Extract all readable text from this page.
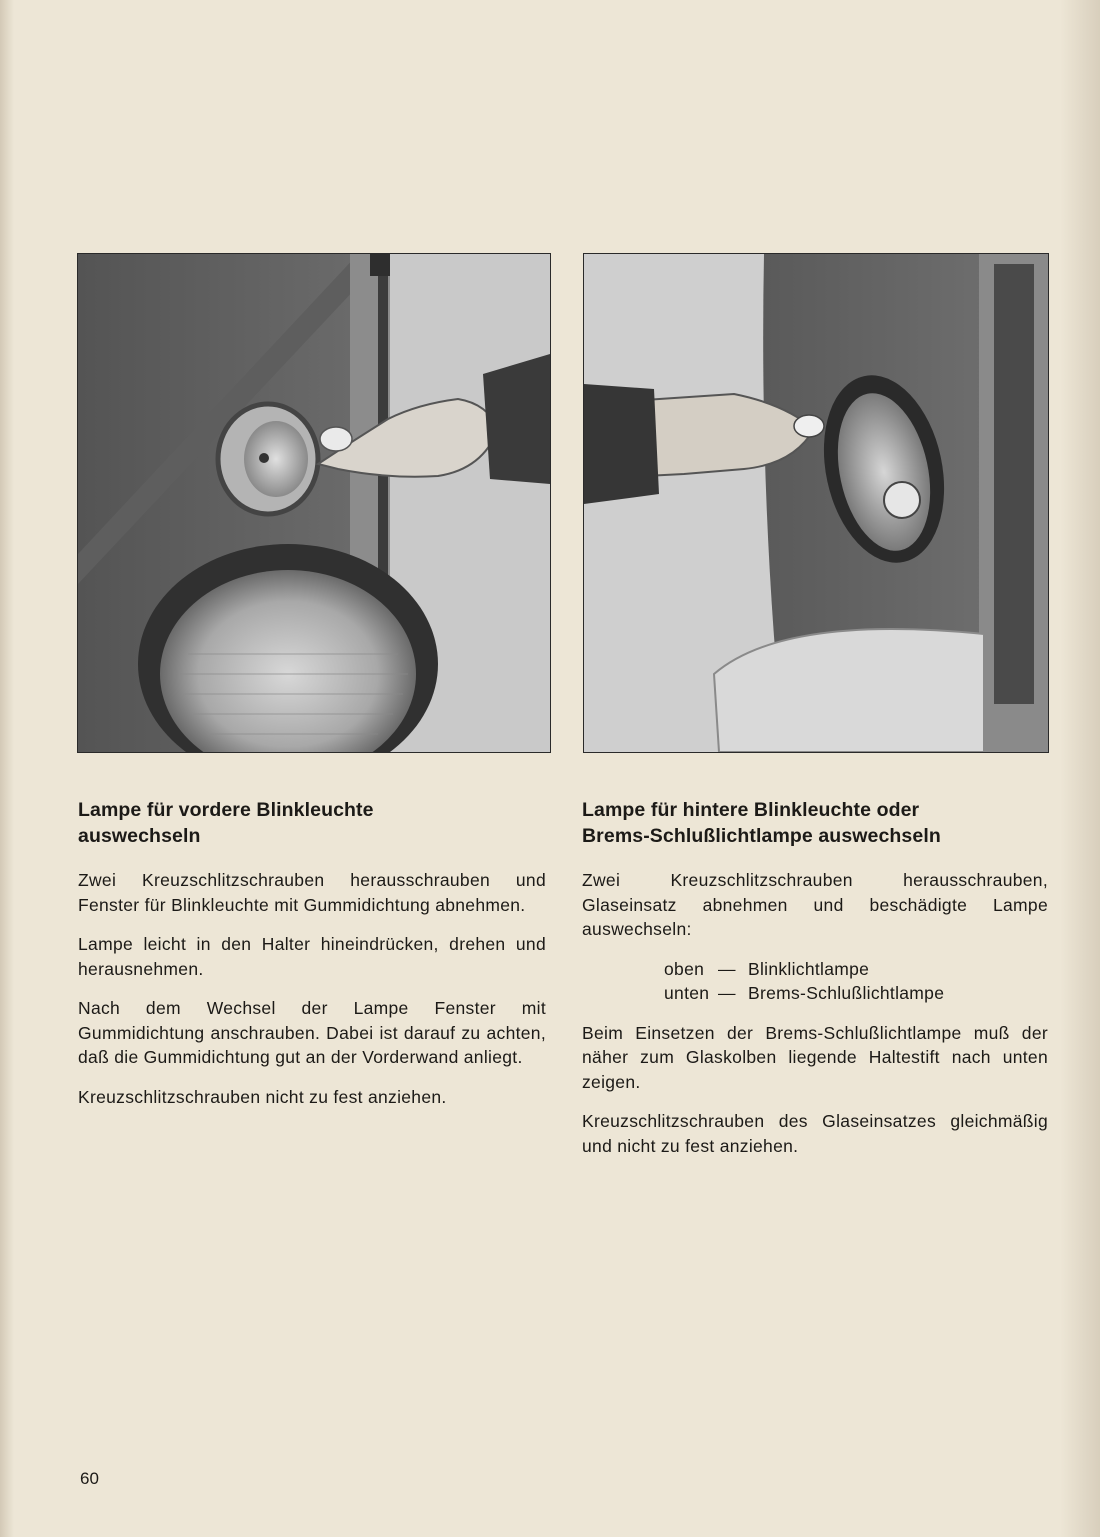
Lampe für vordere Blinkleuchte
auswechseln

Zwei Kreuzschlitzschrauben herausschrauben und Fenster für Blinkleuchte mit Gummidichtung abnehmen.

Lampe leicht in den Halter hineindrücken, drehen und herausnehmen.

Nach dem Wechsel der Lampe Fenster mit Gummidichtung anschrauben. Dabei ist darauf zu achten, daß die Gummidichtung gut an der Vorderwand anliegt.

Kreuzschlitzschrauben nicht zu fest anziehen.

Lampe für hintere Blinkleuchte oder
Brems-Schlußlichtlampe auswechseln

Zwei Kreuzschlitzschrauben herausschrauben, Glaseinsatz abnehmen und beschädigte Lampe auswechseln:

oben — Blinklichtlampe
unten — Brems-Schlußlichtlampe

Beim Einsetzen der Brems-Schlußlichtlampe muß der näher zum Glaskolben liegende Haltestift nach unten zeigen.

Kreuzschlitzschrauben des Glaseinsatzes gleichmäßig und nicht zu fest anziehen.

60
